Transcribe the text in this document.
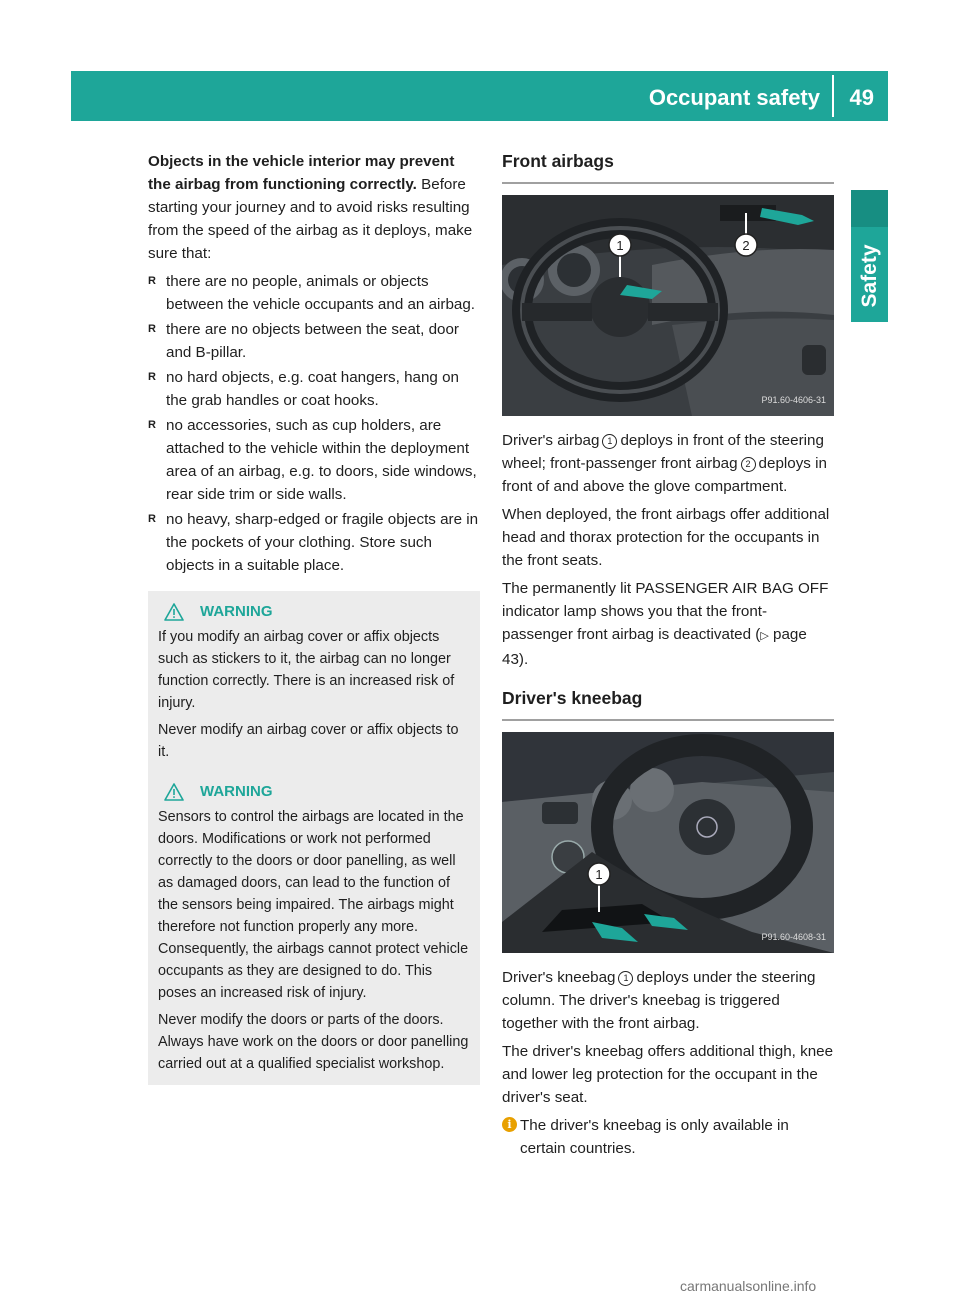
Occupant safety 49
Safety

Objects in the vehicle interior may prevent the airbag from functioning correctly. Before starting your journey and to avoid risks resulting from the speed of the airbag as it deploys, make sure that:

R there are no people, animals or objects between the vehicle occupants and an airbag.
R there are no objects between the seat, door and B-pillar.
R no hard objects, e.g. coat hangers, hang on the grab handles or coat hooks.
R no accessories, such as cup holders, are attached to the vehicle within the deployment area of an airbag, e.g. to doors, side windows, rear side trim or side walls.
R no heavy, sharp-edged or fragile objects are in the pockets of your clothing. Store such objects in a suitable place.
WARNING

If you modify an airbag cover or affix objects such as stickers to it, the airbag can no longer function correctly. There is an increased risk of injury.

Never modify an airbag cover or affix objects to it.

WARNING

Sensors to control the airbags are located in the doors. Modifications or work not performed correctly to the doors or door panelling, as well as damaged doors, can lead to the function of the sensors being impaired. The airbags might therefore not function properly any more. Consequently, the airbags cannot protect vehicle occupants as they are designed to do. This poses an increased risk of injury.

Never modify the doors or parts of the doors. Always have work on the doors or door panelling carried out at a qualified specialist workshop.

Front airbags
1	2
P91.60-4606-31

Driver's airbag 1 deploys in front of the steering wheel; front-passenger front airbag 2 deploys in front of and above the glove compartment.

When deployed, the front airbags offer additional head and thorax protection for the occupants in the front seats.

The permanently lit PASSENGER AIR BAG OFF indicator lamp shows you that the front-passenger front airbag is deactivated (▷ page 43).

Driver's kneebag
1
P91.60-4608-31

Driver's kneebag 1 deploys under the steering column. The driver's kneebag is triggered together with the front airbag.

The driver's kneebag offers additional thigh, knee and lower leg protection for the occupant in the driver's seat.

i The driver's kneebag is only available in certain countries.

carmanualsonline.info
